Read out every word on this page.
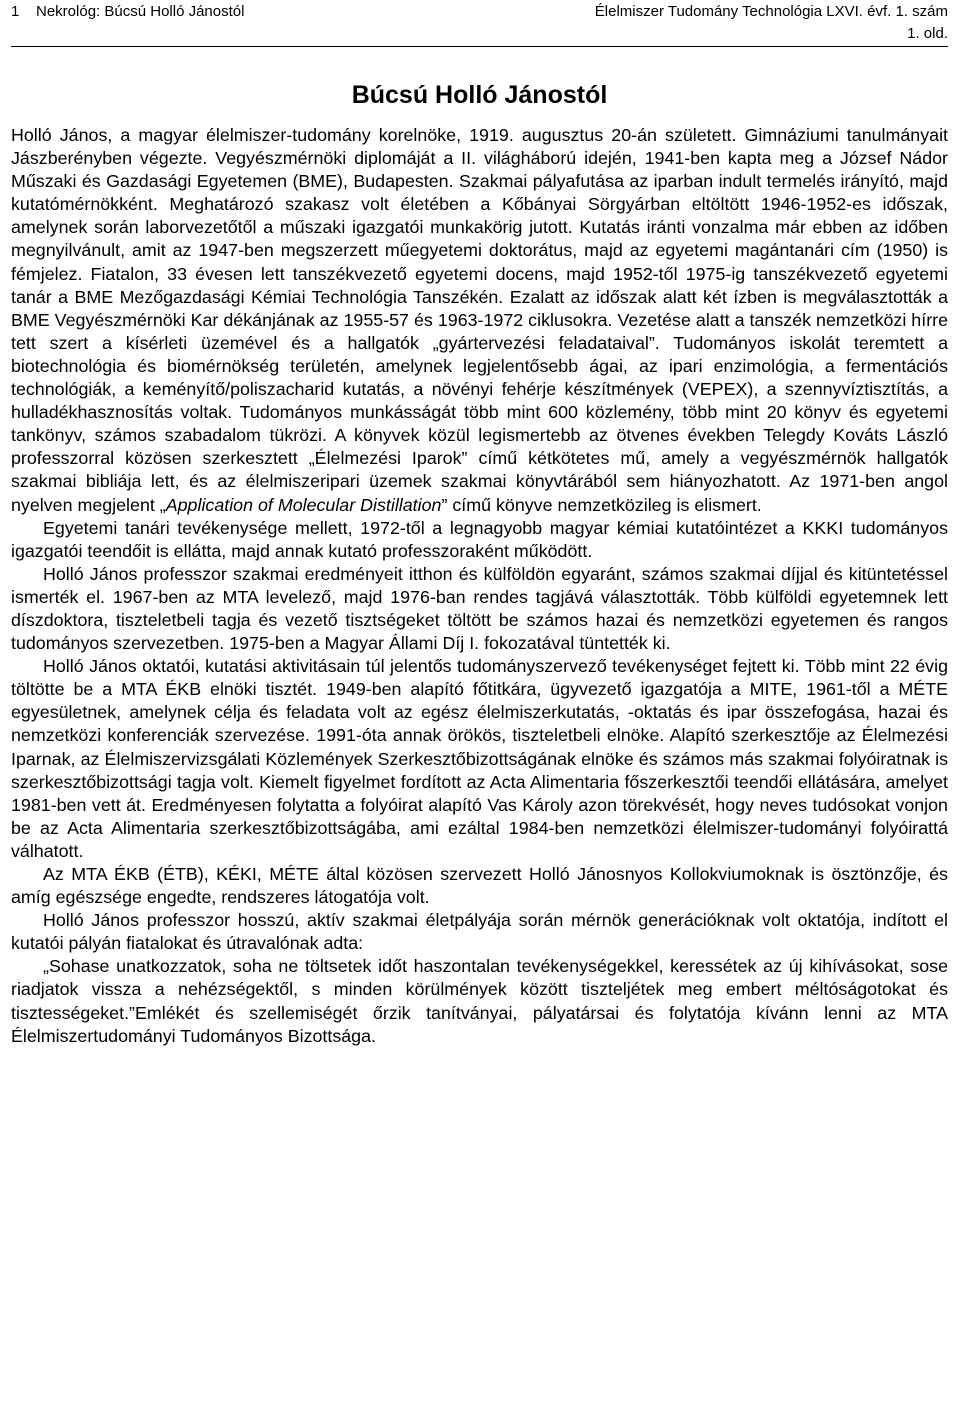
1    Nekrológ: Búcsú Holló Jánostól	Élelmiszer Tudomány Technológia LXVI. évf. 1. szám
1. old.
Búcsú Holló Jánostól

Holló János, a magyar élelmiszer-tudomány korelnöke, 1919. augusztus 20-án született. Gimnáziumi tanulmányait Jászberényben végezte. Vegyészmérnöki diplomáját a II. világháború idején, 1941-ben kapta meg a József Nádor Műszaki és Gazdasági Egyetemen (BME), Budapesten. Szakmai pályafutása az iparban indult termelés irányító, majd kutatómérnökként. Meghatározó szakasz volt életében a Kőbányai Sörgyárban eltöltött 1946-1952-es időszak, amelynek során laborvezetőtől a műszaki igazgatói munkakörig jutott. Kutatás iránti vonzalma már ebben az időben megnyilvánult, amit az 1947-ben megszerzett műegyetemi doktorátus, majd az egyetemi magántanári cím (1950) is fémjelez. Fiatalon, 33 évesen lett tanszékvezető egyetemi docens, majd 1952-től 1975-ig tanszékvezető egyetemi tanár a BME Mezőgazdasági Kémiai Technológia Tanszékén. Ezalatt az időszak alatt két ízben is megválasztották a BME Vegyészmérnöki Kar dékánjának az 1955-57 és 1963-1972 ciklusokra. Vezetése alatt a tanszék nemzetközi hírre tett szert a kísérleti üzemével és a hallgatók „gyártervezési feladataival”. Tudományos iskolát teremtett a biotechnológia és biomérnökség területén, amelynek legjelentősebb ágai, az ipari enzimológia, a fermentációs technológiák, a keményítő/poliszacharid kutatás, a növényi fehérje készítmények (VEPEX), a szennyvíztisztítás, a hulladékhasznosítás voltak. Tudományos munkásságát több mint 600 közlemény, több mint 20 könyv és egyetemi tankönyv, számos szabadalom tükrözi. A könyvek közül legismertebb az ötvenes években Telegdy Kováts László professzorral közösen szerkesztett „Élelmezési Iparok” című kétkötetes mű, amely a vegyészmérnök hallgatók szakmai bibliája lett, és az élelmiszeripari üzemek szakmai könyvtárából sem hiányozhatott. Az 1971-ben angol nyelven megjelent „Application of Molecular Distillation” című könyve nemzetközileg is elismert.

Egyetemi tanári tevékenysége mellett, 1972-től a legnagyobb magyar kémiai kutatóintézet a KKKI tudományos igazgatói teendőit is ellátta, majd annak kutató professzoraként működött.

Holló János professzor szakmai eredményeit itthon és külföldön egyaránt, számos szakmai díjjal és kitüntetéssel ismerték el. 1967-ben az MTA levelező, majd 1976-ban rendes tagjává választották. Több külföldi egyetemnek lett díszdoktora, tiszteletbeli tagja és vezető tisztségeket töltött be számos hazai és nemzetközi egyetemen és rangos tudományos szervezetben. 1975-ben a Magyar Állami Díj I. fokozatával tüntették ki.

Holló János oktatói, kutatási aktivitásain túl jelentős tudományszervező tevékenységet fejtett ki. Több mint 22 évig töltötte be a MTA ÉKB elnöki tisztét. 1949-ben alapító főtitkára, ügyvezető igazgatója a MITE, 1961-től a MÉTE egyesületnek, amelynek célja és feladata volt az egész élelmiszerkutatás, -oktatás és ipar összefogása, hazai és nemzetközi konferenciák szervezése. 1991-óta annak örökös, tiszteletbeli elnöke. Alapító szerkesztője az Élelmezési Iparnak, az Élelmiszervizsgálati Közlemények Szerkesztőbizottságának elnöke és számos más szakmai folyóiratnak is szerkesztőbizottsági tagja volt. Kiemelt figyelmet fordított az Acta Alimentaria főszerkesztői teendői ellátására, amelyet 1981-ben vett át. Eredményesen folytatta a folyóirat alapító Vas Károly azon törekvését, hogy neves tudósokat vonjon be az Acta Alimentaria szerkesztőbizottságába, ami ezáltal 1984-ben nemzetközi élelmiszer-tudományi folyóirattá válhatott.

Az MTA ÉKB (ÉTB), KÉKI, MÉTE által közösen szervezett Holló Jánosnyos Kollokviumoknak is ösztönzője, és amíg egészsége engedte, rendszeres látogatója volt.

Holló János professzor hosszú, aktív szakmai életpályája során mérnök generációknak volt oktatója, indított el kutatói pályán fiatalokat és útravalónak adta:

„Sohase unatkozzatok, soha ne töltsetek időt haszontalan tevékenységekkel, keressétek az új kihívásokat, sose riadjatok vissza a nehézségektől, s minden körülmények között tiszteljétek meg embert méltóságotokat és tisztességeket.”Emlékét és szellemiségét őrzik tanítványai, pályatársai és folytatója kívánn lenni az MTA Élelmiszertudományi Tudományos Bizottsága.
